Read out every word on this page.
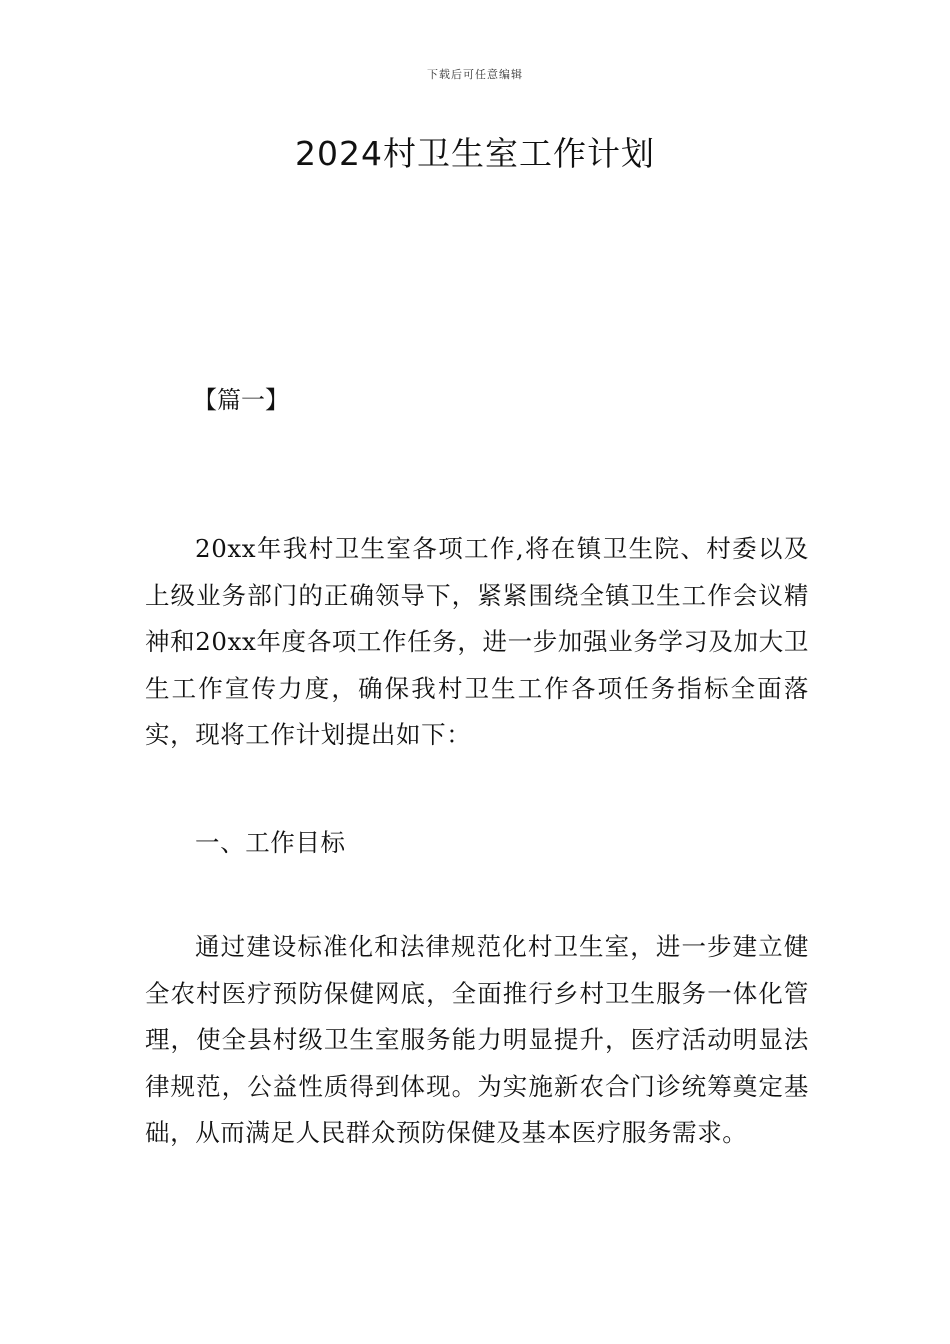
下载后可任意编辑
2024村卫生室工作计划
【篇一】

20xx年我村卫生室各项工作,将在镇卫生院、村委以及上级业务部门的正确领导下，紧紧围绕全镇卫生工作会议精神和20xx年度各项工作任务，进一步加强业务学习及加大卫生工作宣传力度，确保我村卫生工作各项任务指标全面落实，现将工作计划提出如下：

一、工作目标

通过建设标准化和法律规范化村卫生室，进一步建立健全农村医疗预防保健网底，全面推行乡村卫生服务一体化管理，使全县村级卫生室服务能力明显提升，医疗活动明显法律规范，公益性质得到体现。为实施新农合门诊统筹奠定基础，从而满足人民群众预防保健及基本医疗服务需求。
